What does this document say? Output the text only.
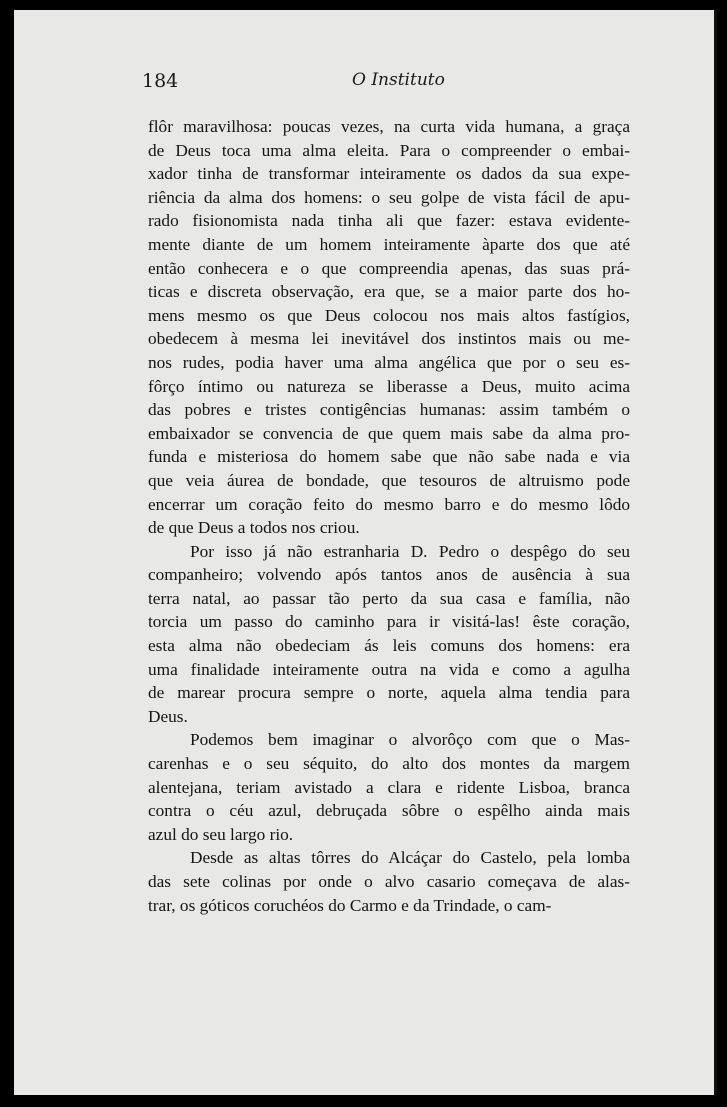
184	O Instituto
flôr maravilhosa: poucas vezes, na curta vida humana, a graça
de Deus toca uma alma eleita. Para o compreender o embai-
xador tinha de transformar inteiramente os dados da sua expe-
riência da alma dos homens: o seu golpe de vista fácil de apu-
rado fisionomista nada tinha ali que fazer: estava evidente-
mente diante de um homem inteiramente àparte dos que até
então conhecera e o que compreendia apenas, das suas prá-
ticas e discreta observação, era que, se a maior parte dos ho-
mens mesmo os que Deus colocou nos mais altos fastígios,
obedecem à mesma lei inevitável dos instintos mais ou me-
nos rudes, podia haver uma alma angélica que por o seu es-
fôrço íntimo ou natureza se liberasse a Deus, muito acima
das pobres e tristes contigências humanas: assim também o
embaixador se convencia de que quem mais sabe da alma pro-
funda e misteriosa do homem sabe que não sabe nada e via
que veia áurea de bondade, que tesouros de altruismo pode
encerrar um coração feito do mesmo barro e do mesmo lôdo
de que Deus a todos nos criou.
Por isso já não estranharia D. Pedro o despêgo do seu
companheiro; volvendo após tantos anos de ausência à sua
terra natal, ao passar tão perto da sua casa e família, não
torcia um passo do caminho para ir visitá-las! êste coração,
esta alma não obedeciam ás leis comuns dos homens: era
uma finalidade inteiramente outra na vida e como a agulha
de marear procura sempre o norte, aquela alma tendia para
Deus.
Podemos bem imaginar o alvorôço com que o Mas-
carenhas e o seu séquito, do alto dos montes da margem
alentejana, teriam avistado a clara e ridente Lisboa, branca
contra o céu azul, debruçada sôbre o espêlho ainda mais
azul do seu largo rio.
Desde as altas tôrres do Alcáçar do Castelo, pela lomba
das sete colinas por onde o alvo casario começava de alas-
trar, os góticos coruchéos do Carmo e da Trindade, o cam-
